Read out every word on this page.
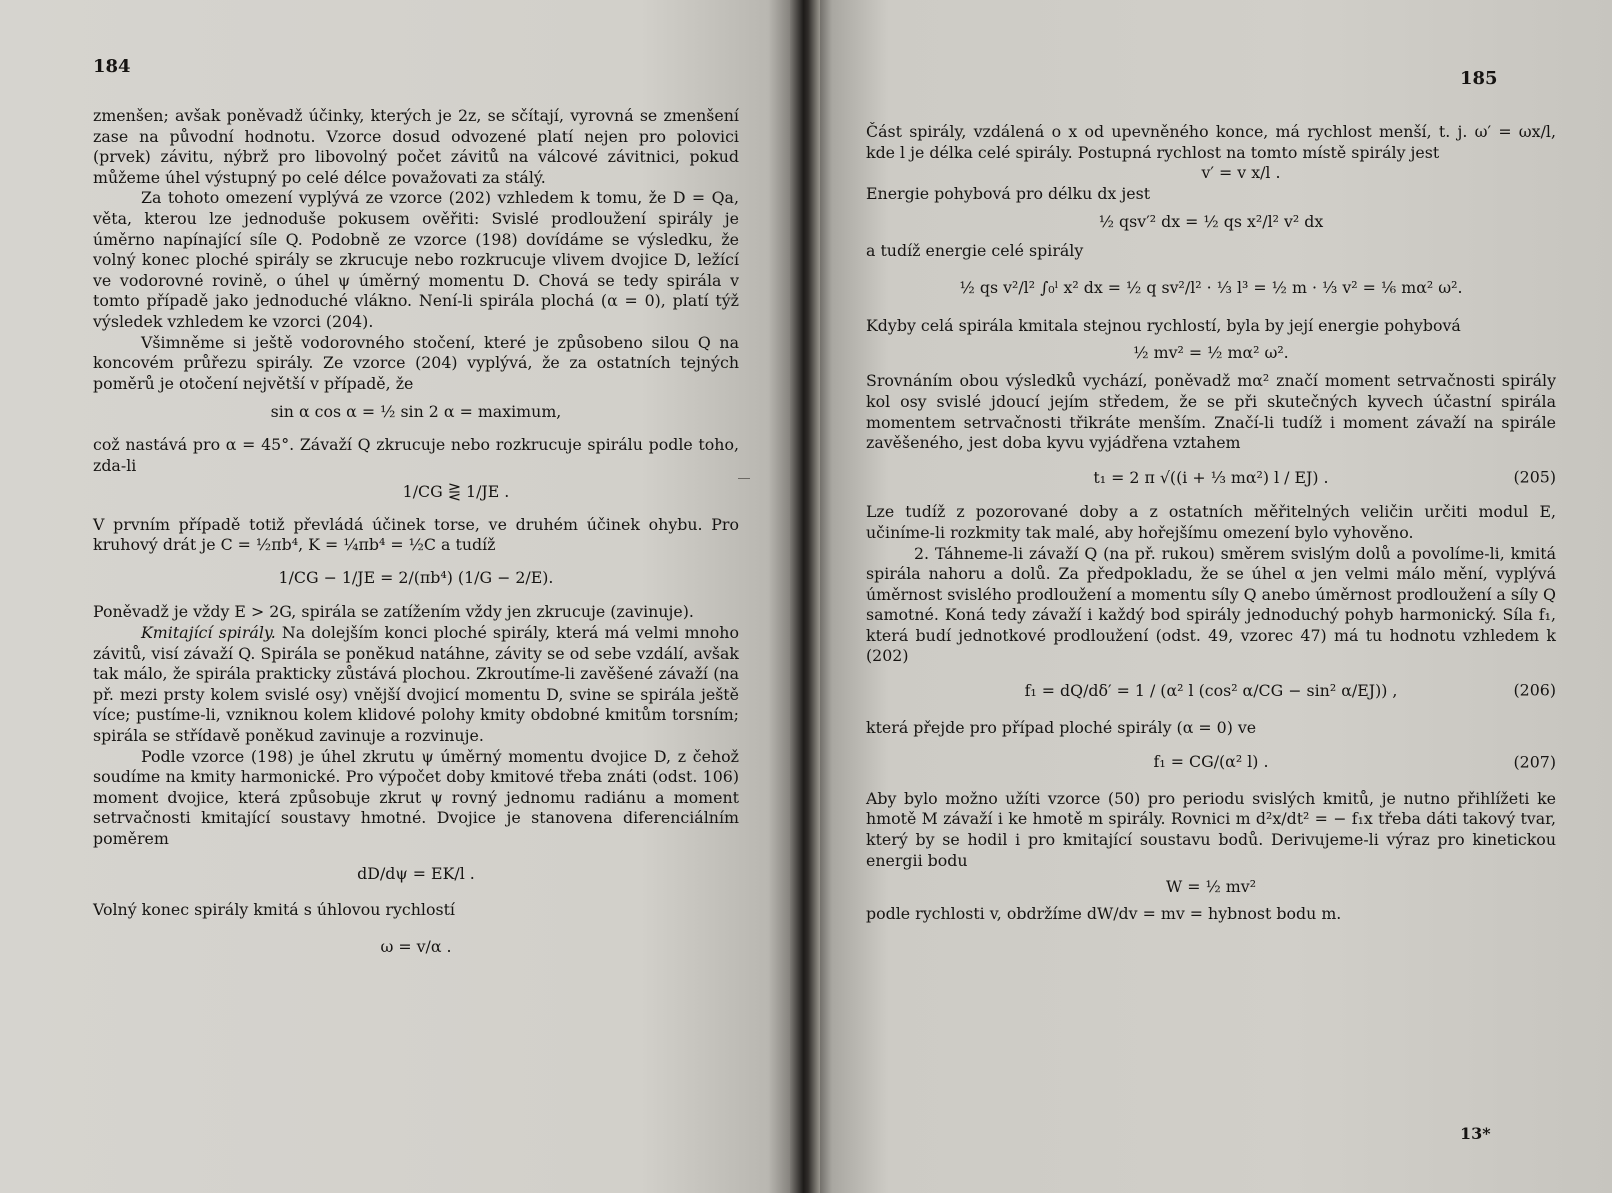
184

zmenšen; avšak poněvadž účinky, kterých je 2z, se sčítají, vyrovná se zmenšení zase na původní hodnotu. Vzorce dosud odvozené platí nejen pro polovici (prvek) závitu, nýbrž pro libovolný počet závitů na válcové závitnici, pokud můžeme úhel výstupný po celé délce považovati za stálý.

Za tohoto omezení vyplývá ze vzorce (202) vzhledem k tomu, že D = Qa, věta, kterou lze jednoduše pokusem ověřiti: Svislé prodloužení spirály je úměrno napínající síle Q. Podobně ze vzorce (198) dovídáme se výsledku, že volný konec ploché spirály se zkrucuje nebo rozkrucuje vlivem dvojice D, ležící ve vodorovné rovině, o úhel ψ úměrný momentu D. Chová se tedy spirála v tomto případě jako jednoduché vlákno. Není-li spirála plochá (α = 0), platí týž výsledek vzhledem ke vzorci (204).

Všimněme si ještě vodorovného stočení, které je způsobeno silou Q na koncovém průřezu spirály. Ze vzorce (204) vyplývá, že za ostatních tejných poměrů je otočení největší v případě, že

sin α cos α = ½ sin 2 α = maximum,

což nastává pro α = 45°. Závaží Q zkrucuje nebo rozkrucuje spirálu podle toho, zda-li

1/CG ⋛ 1/JE .

V prvním případě totiž převládá účinek torse, ve druhém účinek ohybu. Pro kruhový drát je C = ½πb⁴, K = ¼πb⁴ = ½C a tudíž

1/CG − 1/JE = 2/(πb⁴) (1/G − 2/E).

Poněvadž je vždy E > 2G, spirála se zatížením vždy jen zkrucuje (zavinuje).

Kmitající spirály. Na dolejším konci ploché spirály, která má velmi mnoho závitů, visí závaží Q. Spirála se poněkud natáhne, závity se od sebe vzdálí, avšak tak málo, že spirála prakticky zůstává plochou. Zkroutíme-li zavěšené závaží (na př. mezi prsty kolem svislé osy) vnější dvojicí momentu D, svine se spirála ještě více; pustíme-li, vzniknou kolem klidové polohy kmity obdobné kmitům torsním; spirála se střídavě poněkud zavinuje a rozvinuje.

Podle vzorce (198) je úhel zkrutu ψ úměrný momentu dvojice D, z čehož soudíme na kmity harmonické. Pro výpočet doby kmitové třeba znáti (odst. 106) moment dvojice, která způsobuje zkrut ψ rovný jednomu radiánu a moment setrvačnosti kmitající soustavy hmotné. Dvojice je stanovena diferenciálním poměrem

dD/dψ = EK/l .

Volný konec spirály kmitá s úhlovou rychlostí

ω = v/α .

185

Část spirály, vzdálená o x od upevněného konce, má rychlost menší, t. j. ω′ = ωx/l, kde l je délka celé spirály. Postupná rychlost na tomto místě spirály jest

v′ = v x/l .

Energie pohybová pro délku dx jest

½ qsv′² dx = ½ qs x²/l² v² dx

a tudíž energie celé spirály

½ qs v²/l² ∫₀ˡ x² dx = ½ q sv²/l² · ⅓ l³ = ½ m · ⅓ v² = ⅙ mα² ω².

Kdyby celá spirála kmitala stejnou rychlostí, byla by její energie pohybová

½ mv² = ½ mα² ω².

Srovnáním obou výsledků vychází, poněvadž mα² značí moment setrvačnosti spirály kol osy svislé jdoucí jejím středem, že se při skutečných kyvech účastní spirála momentem setrvačnosti třikráte menším. Značí-li tudíž i moment závaží na spirále zavěšeného, jest doba kyvu vyjádřena vztahem

t₁ = 2 π √((i + ⅓ mα²) l / EJ) .	(205)

Lze tudíž z pozorované doby a z ostatních měřitelných veličin určiti modul E, učiníme-li rozkmity tak malé, aby hořejšímu omezení bylo vyhověno.

2. Táhneme-li závaží Q (na př. rukou) směrem svislým dolů a povolíme-li, kmitá spirála nahoru a dolů. Za předpokladu, že se úhel α jen velmi málo mění, vyplývá úměrnost svislého prodloužení a momentu síly Q anebo úměrnost prodloužení a síly Q samotné. Koná tedy závaží i každý bod spirály jednoduchý pohyb harmonický. Síla f₁, která budí jednotkové prodloužení (odst. 49, vzorec 47) má tu hodnotu vzhledem k (202)

f₁ = dQ/dδ′ = 1 / (α² l (cos² α/CG − sin² α/EJ)) ,	(206)

která přejde pro případ ploché spirály (α = 0) ve

f₁ = CG/(α² l) .	(207)

Aby bylo možno užíti vzorce (50) pro periodu svislých kmitů, je nutno přihlížeti ke hmotě M závaží i ke hmotě m spirály. Rovnici m d²x/dt² = − f₁x třeba dáti takový tvar, který by se hodil i pro kmitající soustavu bodů. Derivujeme-li výraz pro kinetickou energii bodu

W = ½ mv²

podle rychlosti v, obdržíme dW/dv = mv = hybnost bodu m.

13*
